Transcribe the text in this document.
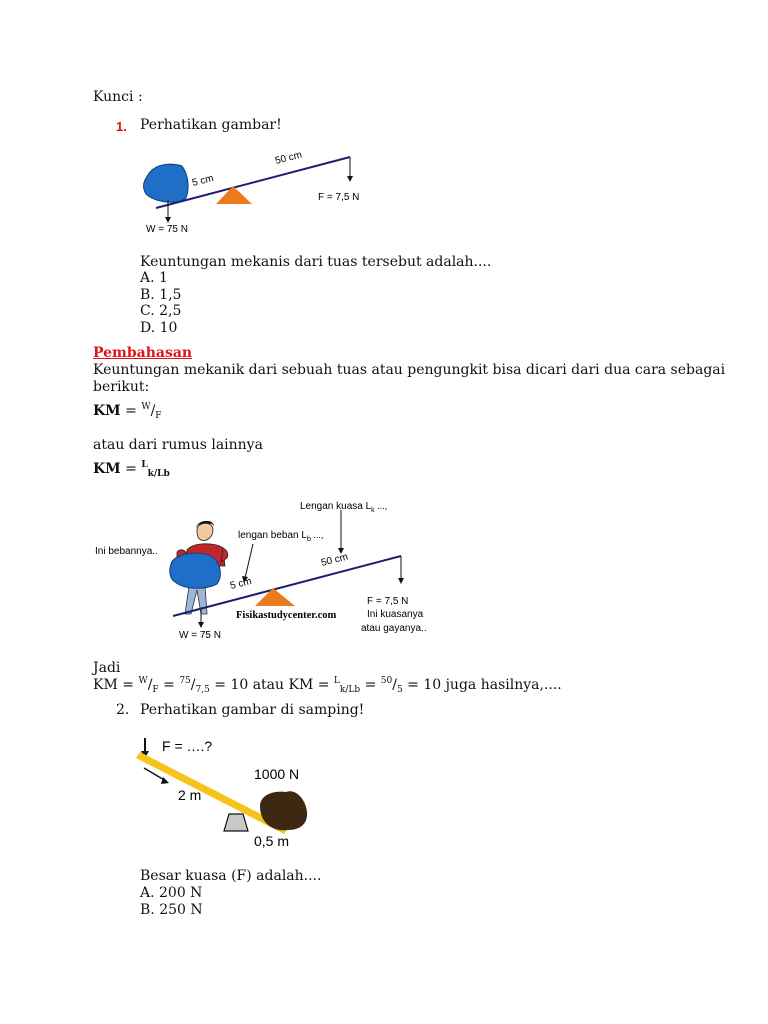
Kunci :
1. Perhatikan gambar!
50 cm
5 cm
F = 7,5 N
W = 75 N
Keuntungan mekanis dari tuas tersebut adalah....
A. 1
B. 1,5
C. 2,5
D. 10
Pembahasan
Keuntungan mekanik dari sebuah tuas atau pengungkit bisa dicari dari dua cara sebagai
berikut:
KM = $^W/_F$
atau dari rumus lainnya
KM = $^L_{k/Lb}$
Lengan kuasa $L_k$ ...,
lengan beban $L_b$ ...,
Ini bebannya..
50 cm
5 cm
F = 7,5 N
Ini kuasanya
atau gayanya..
W = 75 N
Fisikastudycenter.com
Jadi
KM = $^W/_F = ^{75}/_{7,5} = 10$ atau KM = $^L_{k/Lb} = ^{50}/_5 = 10$ juga hasilnya,....
2. Perhatikan gambar di samping!
F = ….?
1000 N
2 m
0,5 m
Besar kuasa (F) adalah....
A. 200 N
B. 250 N
